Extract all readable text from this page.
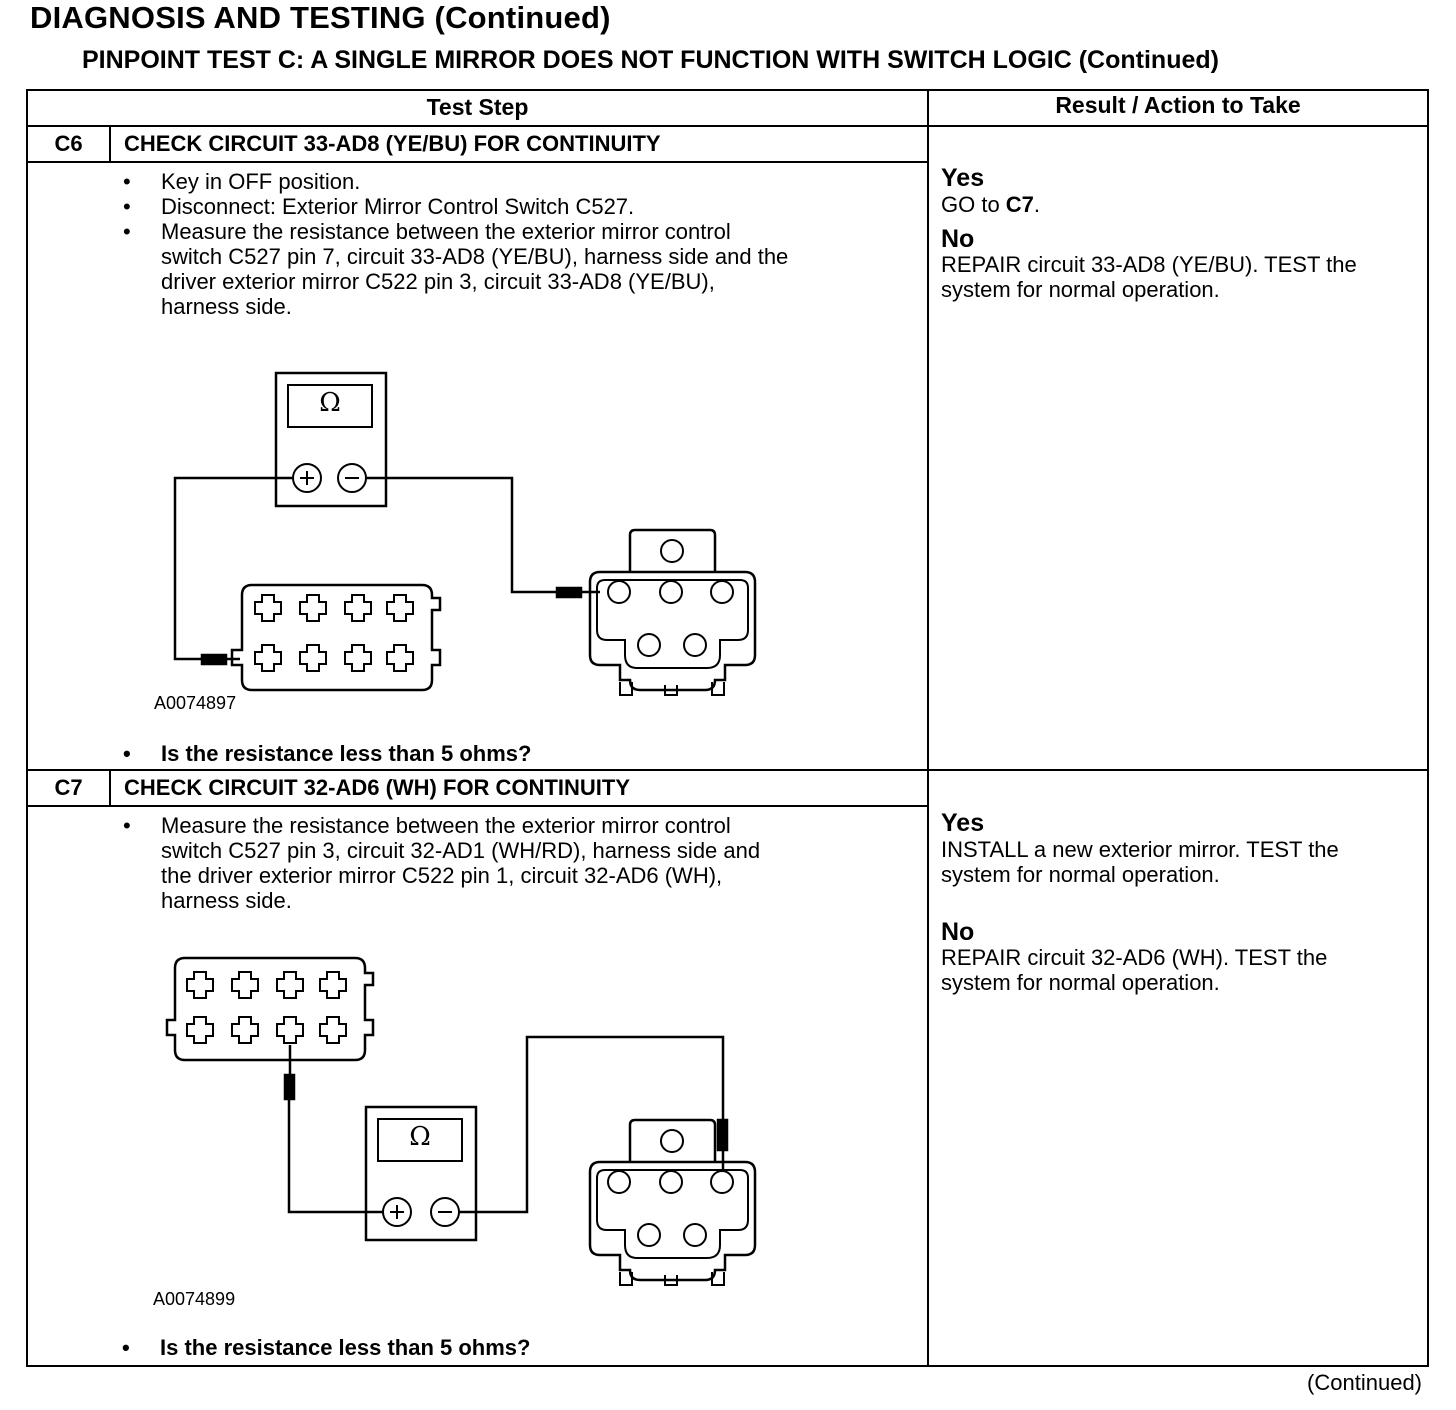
DIAGNOSIS AND TESTING (Continued)
PINPOINT TEST C: A SINGLE MIRROR DOES NOT FUNCTION WITH SWITCH LOGIC (Continued)
Ω
Ω
Test Step	Result / Action to Take
C6	CHECK CIRCUIT 33-AD8 (YE/BU) FOR CONTINUITY
• Key in OFF position.
• Disconnect: Exterior Mirror Control Switch C527.
• Measure the resistance between the exterior mirror control
switch C527 pin 7, circuit 33-AD8 (YE/BU), harness side and the
driver exterior mirror C522 pin 3, circuit 33-AD8 (YE/BU),
harness side.
A0074897
• Is the resistance less than 5 ohms?
Yes
GO to C7.
No
REPAIR circuit 33-AD8 (YE/BU). TEST the
system for normal operation.
C7	CHECK CIRCUIT 32-AD6 (WH) FOR CONTINUITY
• Measure the resistance between the exterior mirror control
switch C527 pin 3, circuit 32-AD1 (WH/RD), harness side and
the driver exterior mirror C522 pin 1, circuit 32-AD6 (WH),
harness side.
A0074899
• Is the resistance less than 5 ohms?
Yes
INSTALL a new exterior mirror. TEST the
system for normal operation.
No
REPAIR circuit 32-AD6 (WH). TEST the
system for normal operation.
(Continued)
